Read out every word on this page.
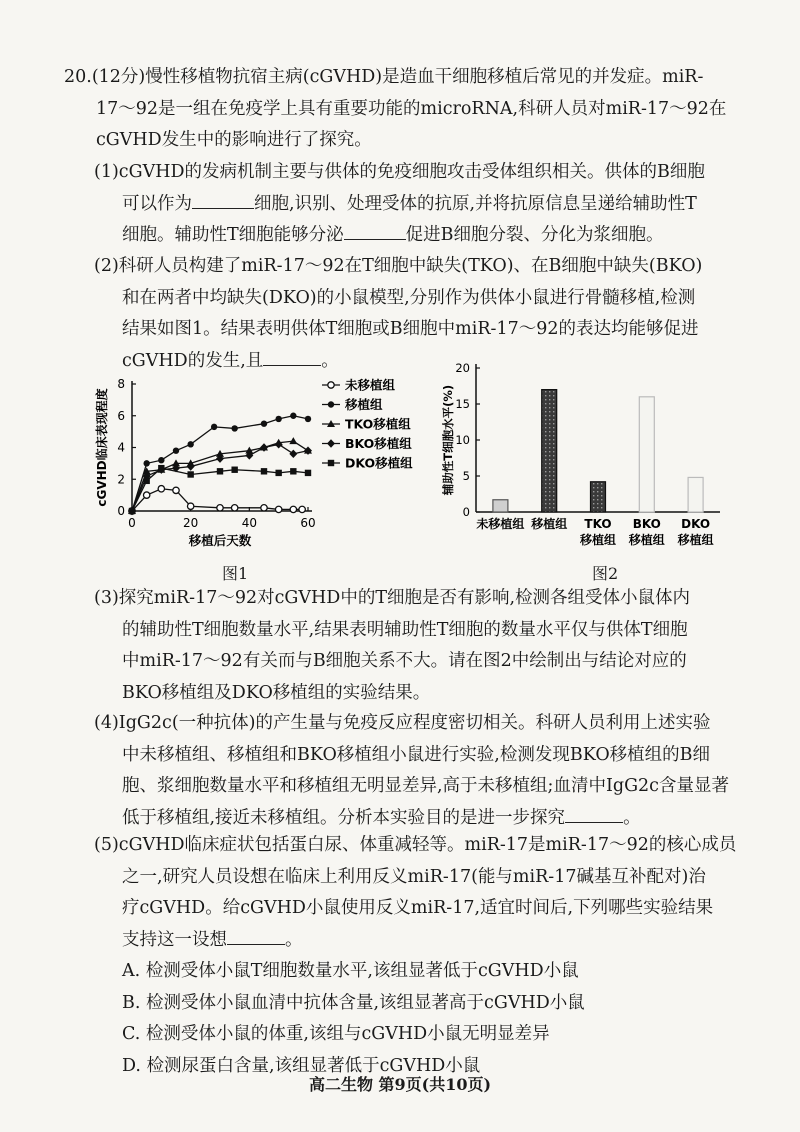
20.(12分)慢性移植物抗宿主病(cGVHD)是造血干细胞移植后常见的并发症。miR-
17～92是一组在免疫学上具有重要功能的microRNA,科研人员对miR-17～92在
cGVHD发生中的影响进行了探究。
(1)cGVHD的发病机制主要与供体的免疫细胞攻击受体组织相关。供体的B细胞
可以作为	细胞,识别、处理受体的抗原,并将抗原信息呈递给辅助性T
细胞。辅助性T细胞能够分泌	促进B细胞分裂、分化为浆细胞。
(2)科研人员构建了miR-17～92在T细胞中缺失(TKO)、在B细胞中缺失(BKO)
和在两者中均缺失(DKO)的小鼠模型,分别作为供体小鼠进行骨髓移植,检测
结果如图1。结果表明供体T细胞或B细胞中miR-17～92的表达均能够促进
cGVHD的发生,且	。
0
2
4
6
8
0	20	40	60
移植后天数
cGVHD临床表现程度
未移植组
移植组
TKO移植组
BKO移植组
DKO移植组
图1
0
5
10
15
20
辅助性T细胞水平(%)
未移植组 移植组 TKO
移植组
BKO
移植组
DKO
移植组
图2
(3)探究miR-17～92对cGVHD中的T细胞是否有影响,检测各组受体小鼠体内
的辅助性T细胞数量水平,结果表明辅助性T细胞的数量水平仅与供体T细胞
中miR-17～92有关而与B细胞关系不大。请在图2中绘制出与结论对应的
BKO移植组及DKO移植组的实验结果。
(4)IgG2c(一种抗体)的产生量与免疫反应程度密切相关。科研人员利用上述实验
中未移植组、移植组和BKO移植组小鼠进行实验,检测发现BKO移植组的B细
胞、浆细胞数量水平和移植组无明显差异,高于未移植组;血清中IgG2c含量显著
低于移植组,接近未移植组。分析本实验目的是进一步探究	。
(5)cGVHD临床症状包括蛋白尿、体重减轻等。miR-17是miR-17～92的核心成员
之一,研究人员设想在临床上利用反义miR-17(能与miR-17碱基互补配对)治
疗cGVHD。给cGVHD小鼠使用反义miR-17,适宜时间后,下列哪些实验结果
支持这一设想	。
A. 检测受体小鼠T细胞数量水平,该组显著低于cGVHD小鼠
B. 检测受体小鼠血清中抗体含量,该组显著高于cGVHD小鼠
C. 检测受体小鼠的体重,该组与cGVHD小鼠无明显差异
D. 检测尿蛋白含量,该组显著低于cGVHD小鼠
高二生物 第9页(共10页)
